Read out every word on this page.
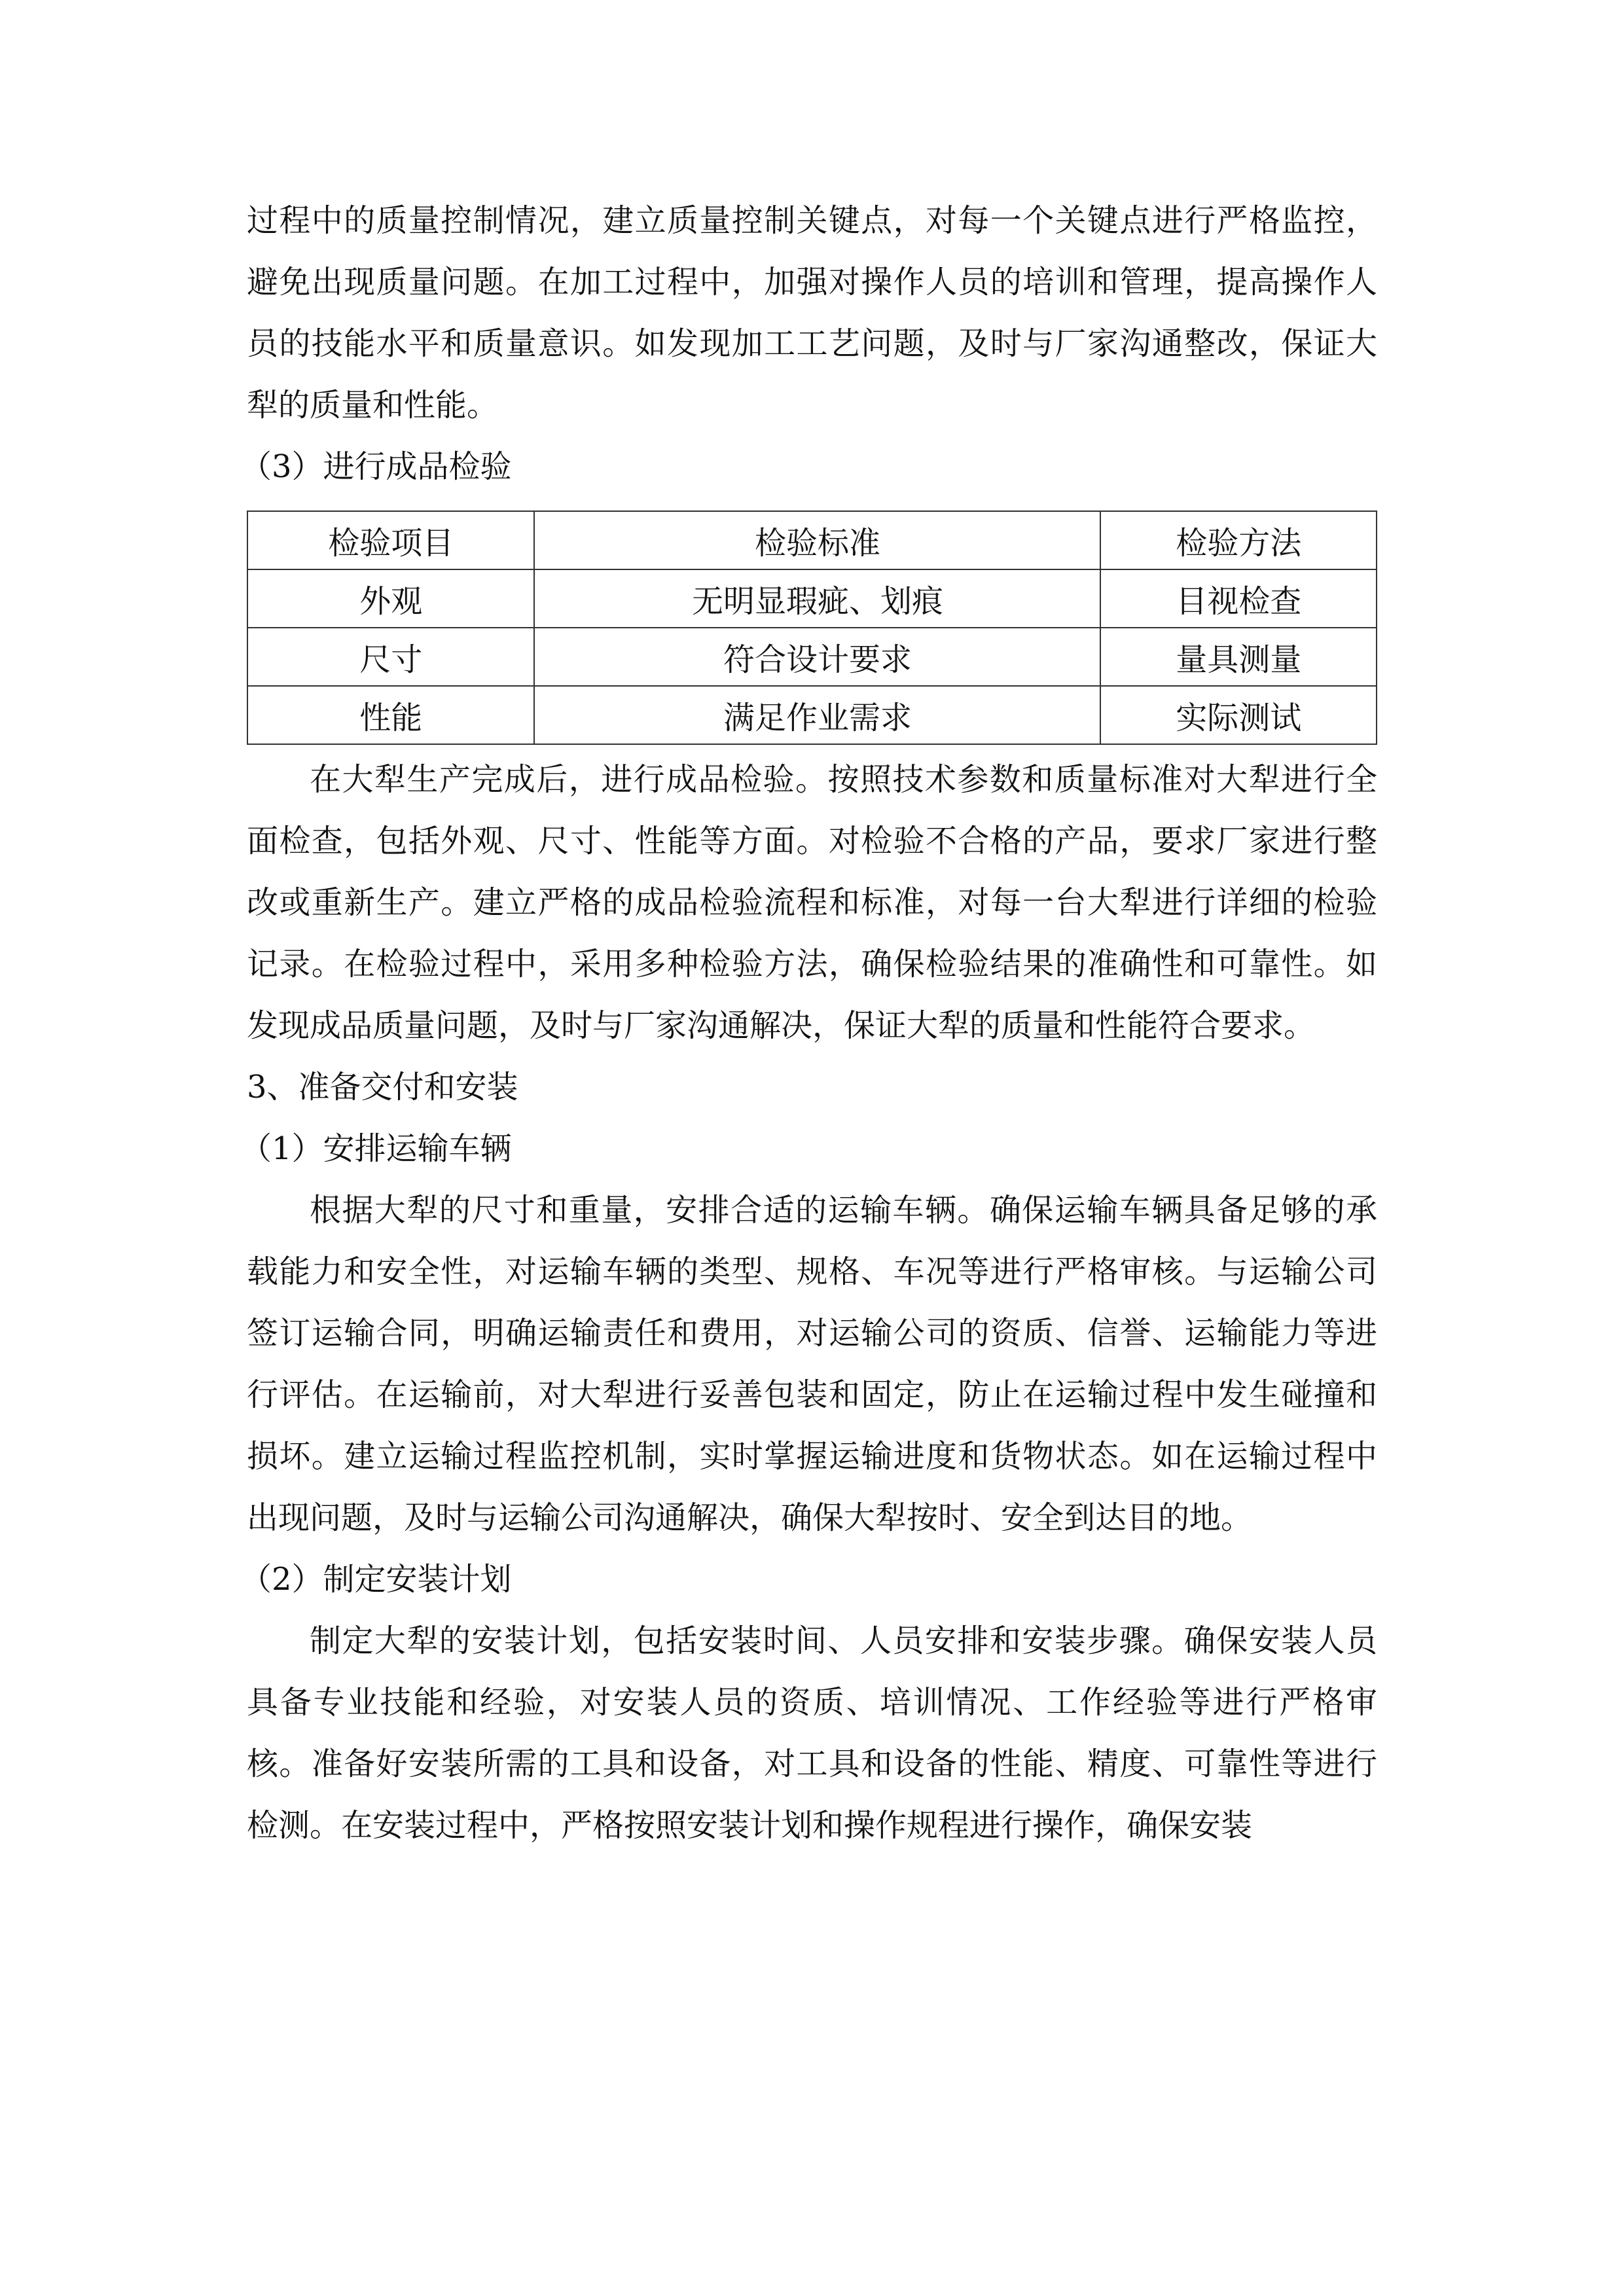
过程中的质量控制情况，建立质量控制关键点，对每一个关键点进行严格监控，避免出现质量问题。在加工过程中，加强对操作人员的培训和管理，提高操作人员的技能水平和质量意识。如发现加工工艺问题，及时与厂家沟通整改，保证大犁的质量和性能。

（3）进行成品检验

检验项目	检验标准	检验方法
外观	无明显瑕疵、划痕	目视检查
尺寸	符合设计要求	量具测量
性能	满足作业需求	实际测试

在大犁生产完成后，进行成品检验。按照技术参数和质量标准对大犁进行全面检查，包括外观、尺寸、性能等方面。对检验不合格的产品，要求厂家进行整改或重新生产。建立严格的成品检验流程和标准，对每一台大犁进行详细的检验记录。在检验过程中，采用多种检验方法，确保检验结果的准确性和可靠性。如发现成品质量问题，及时与厂家沟通解决，保证大犁的质量和性能符合要求。

3、准备交付和安装

（1）安排运输车辆

根据大犁的尺寸和重量，安排合适的运输车辆。确保运输车辆具备足够的承载能力和安全性，对运输车辆的类型、规格、车况等进行严格审核。与运输公司签订运输合同，明确运输责任和费用，对运输公司的资质、信誉、运输能力等进行评估。在运输前，对大犁进行妥善包装和固定，防止在运输过程中发生碰撞和损坏。建立运输过程监控机制，实时掌握运输进度和货物状态。如在运输过程中出现问题，及时与运输公司沟通解决，确保大犁按时、安全到达目的地。

（2）制定安装计划

制定大犁的安装计划，包括安装时间、人员安排和安装步骤。确保安装人员具备专业技能和经验，对安装人员的资质、培训情况、工作经验等进行严格审核。准备好安装所需的工具和设备，对工具和设备的性能、精度、可靠性等进行检测。在安装过程中，严格按照安装计划和操作规程进行操作，确保安装
